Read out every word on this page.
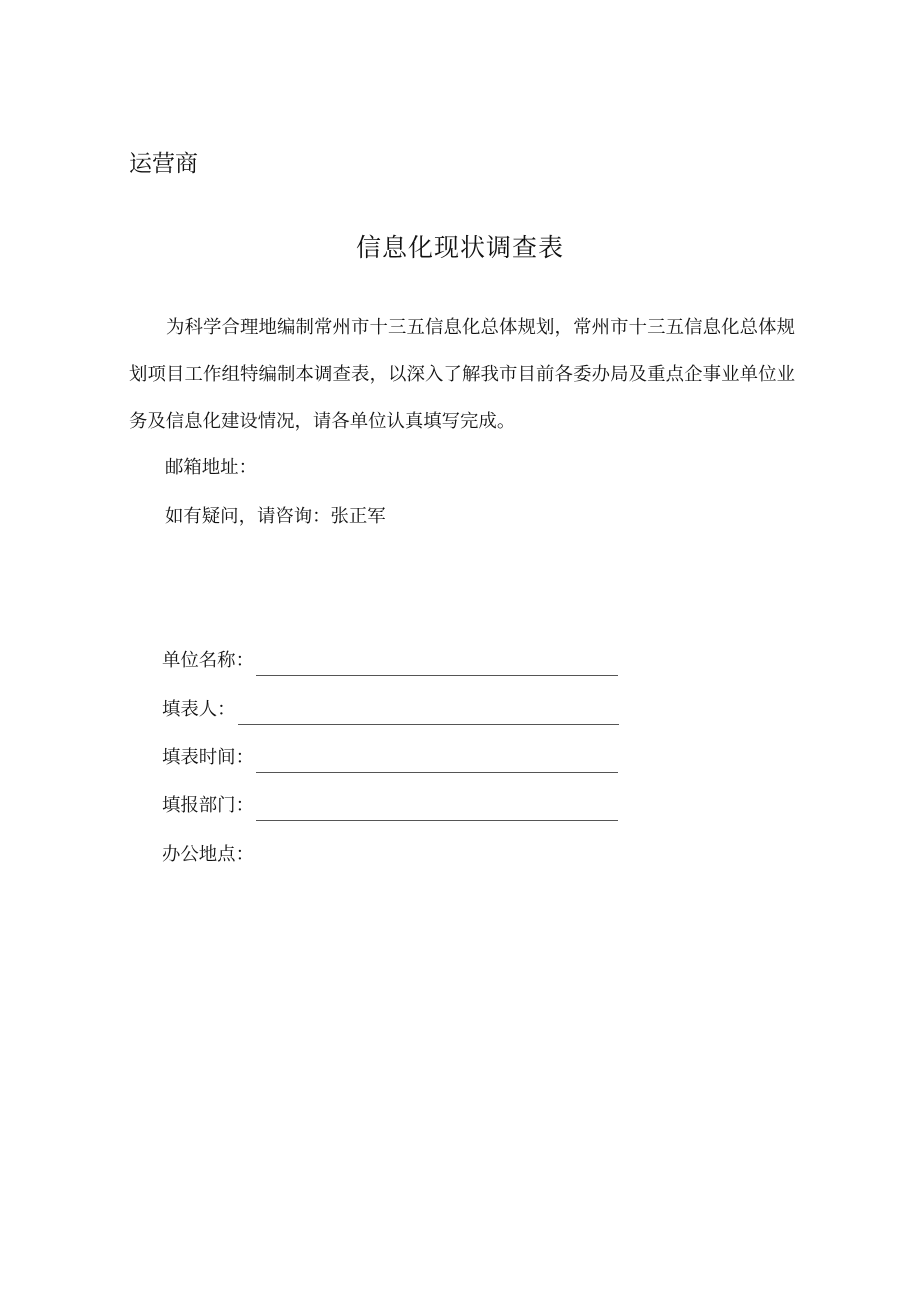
运营商
信息化现状调查表
为科学合理地编制常州市十三五信息化总体规划，常州市十三五信息化总体规划项目工作组特编制本调查表，以深入了解我市目前各委办局及重点企事业单位业务及信息化建设情况，请各单位认真填写完成。
邮箱地址：
如有疑问，请咨询：张正军
单位名称：
填表人：
填表时间：
填报部门：
办公地点：
